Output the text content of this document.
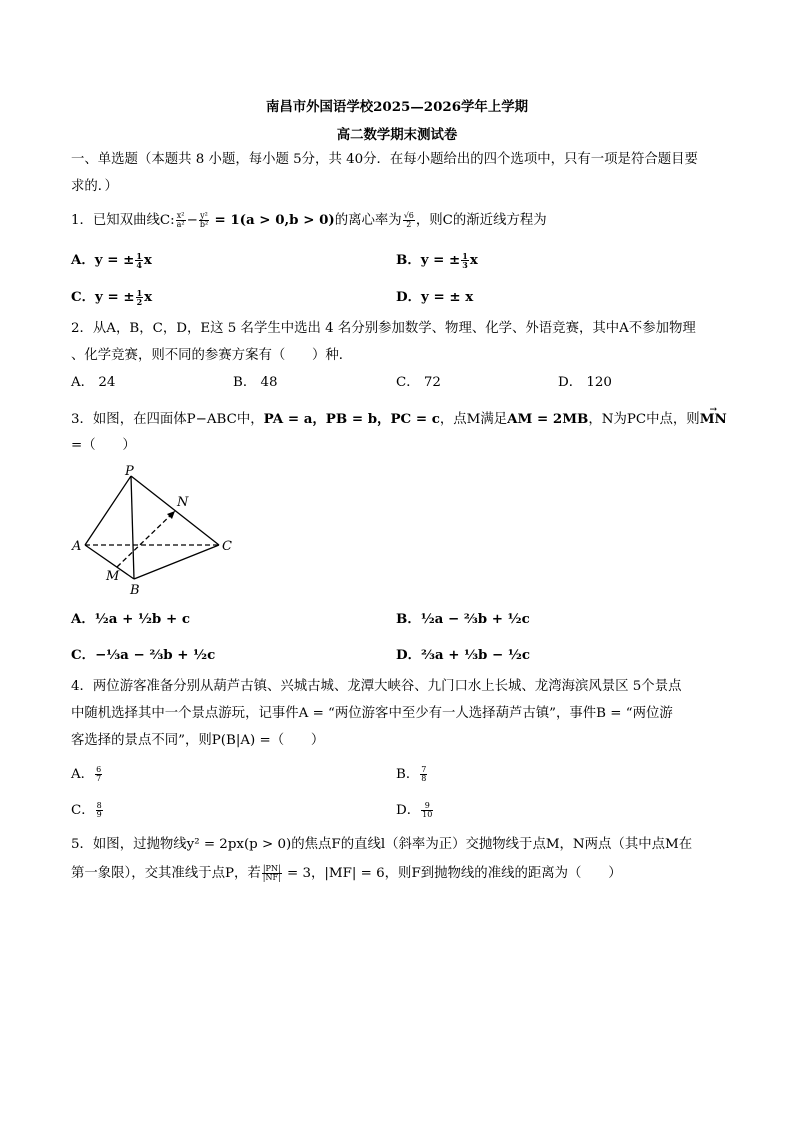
南昌市外国语学校2025—2026学年上学期
高二数学期末测试卷
一、单选题（本题共 8 小题，每小题 5分，共 40分．在每小题给出的四个选项中，只有一项是符合题目要
求的．）
1．已知双曲线C: $\frac{\text{x²}}{\text{a²}} - \frac{\text{y²}}{\text{b²}} = 1(a > 0,b > 0)$的离心率为 $\frac{√6}{2}$ ，则C的渐近线方程为
A．y = ± $\frac{1}{4}$ x	B．y = ± $\frac{1}{3}$ x
C．y = ± $\frac{1}{2}$ x	D．y = ± x
2．从A，B，C，D，E这 5 名学生中选出 4 名分别参加数学、物理、化学、外语竞赛，其中A不参加物理
、化学竞赛，则不同的参赛方案有（　　）种．
A． 24	B． 48	C． 72	D． 120
3．如图，在四面体P−ABC中，PA = a，PB = b，PC = c，点M满足AM = 2MB，N为PC中点，则→ MN
=（　　）
P
N
A	C
M
B
A．½a + ½b + c	B．½a − ⅔b + ½c
C．−⅓a − ⅔b + ½c	D．⅔a + ⅓b − ½c
4．两位游客准备分别从葫芦古镇、兴城古城、龙潭大峡谷、九门口水上长城、龙湾海滨风景区 5个景点
中随机选择其中一个景点游玩，记事件A = “两位游客中至少有一人选择葫芦古镇”，事件B = “两位游
客选择的景点不同”，则P(B|A) =（　　）
A． $\frac{6}{7}$	B． $\frac{7}{8}$
C． $\frac{8}{9}$	D． $\frac{9}{10}$
5．如图，过抛物线y² = 2px(p > 0)的焦点F的直线l（斜率为正）交抛物线于点M，N两点（其中点M在
第一象限），交其准线于点P，若 $\frac{|PN|}{|NF|} = 3$，|MF| = 6，则F到抛物线的准线的距离为（　　）
